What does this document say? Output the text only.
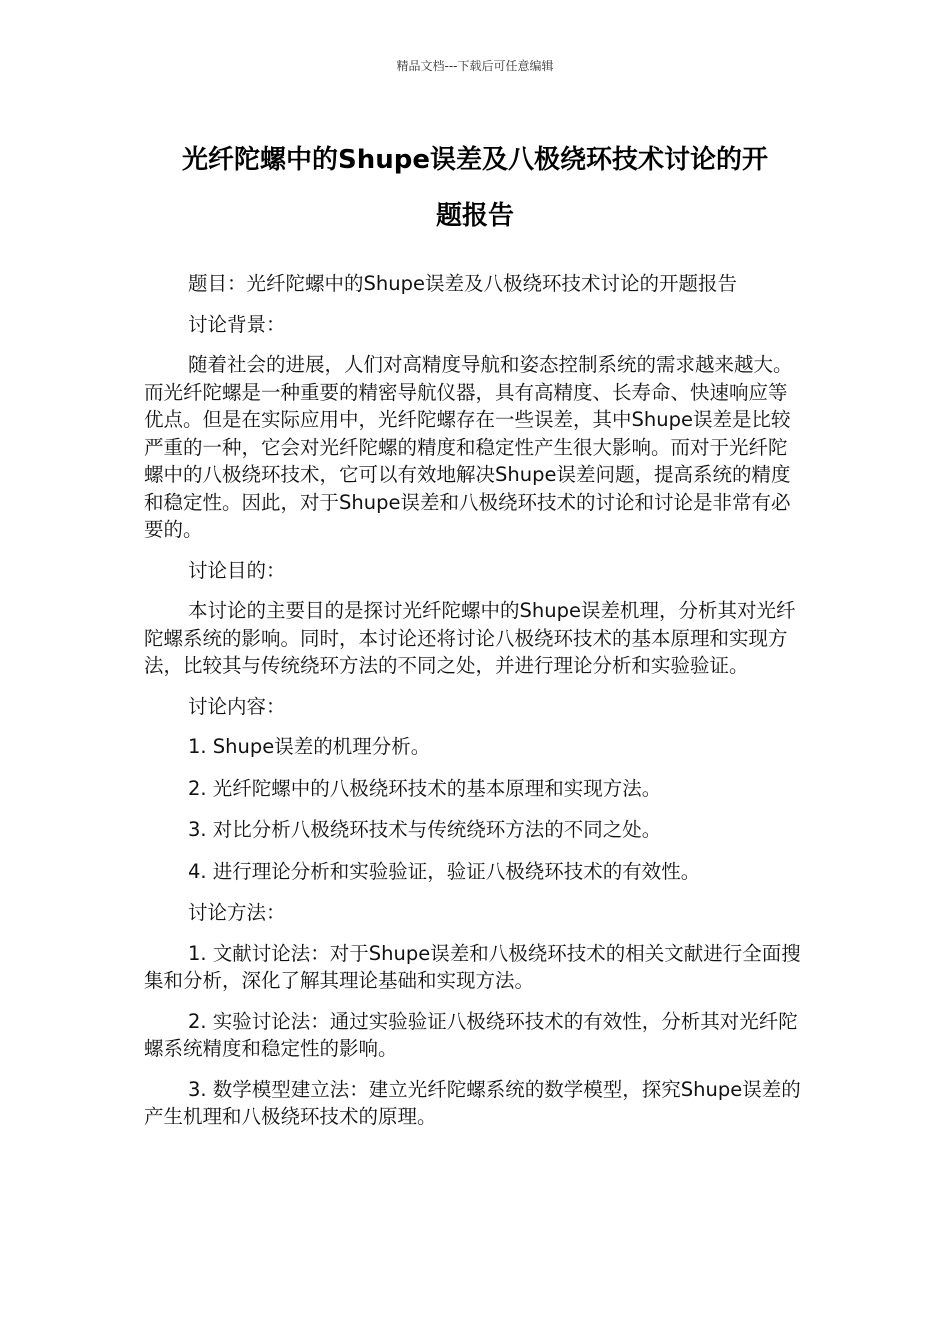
精品文档---下载后可任意编辑
光纤陀螺中的Shupe误差及八极绕环技术讨论的开
题报告

题目：光纤陀螺中的Shupe误差及八极绕环技术讨论的开题报告

讨论背景：

随着社会的进展，人们对高精度导航和姿态控制系统的需求越来越大。而光纤陀螺是一种重要的精密导航仪器，具有高精度、长寿命、快速响应等优点。但是在实际应用中，光纤陀螺存在一些误差，其中Shupe误差是比较严重的一种，它会对光纤陀螺的精度和稳定性产生很大影响。而对于光纤陀螺中的八极绕环技术，它可以有效地解决Shupe误差问题，提高系统的精度和稳定性。因此，对于Shupe误差和八极绕环技术的讨论和讨论是非常有必要的。

讨论目的：

本讨论的主要目的是探讨光纤陀螺中的Shupe误差机理，分析其对光纤陀螺系统的影响。同时，本讨论还将讨论八极绕环技术的基本原理和实现方法，比较其与传统绕环方法的不同之处，并进行理论分析和实验验证。

讨论内容：

1. Shupe误差的机理分析。

2. 光纤陀螺中的八极绕环技术的基本原理和实现方法。

3. 对比分析八极绕环技术与传统绕环方法的不同之处。

4. 进行理论分析和实验验证，验证八极绕环技术的有效性。

讨论方法：

1. 文献讨论法：对于Shupe误差和八极绕环技术的相关文献进行全面搜集和分析，深化了解其理论基础和实现方法。

2. 实验讨论法：通过实验验证八极绕环技术的有效性，分析其对光纤陀螺系统精度和稳定性的影响。

3. 数学模型建立法：建立光纤陀螺系统的数学模型，探究Shupe误差的产生机理和八极绕环技术的原理。
